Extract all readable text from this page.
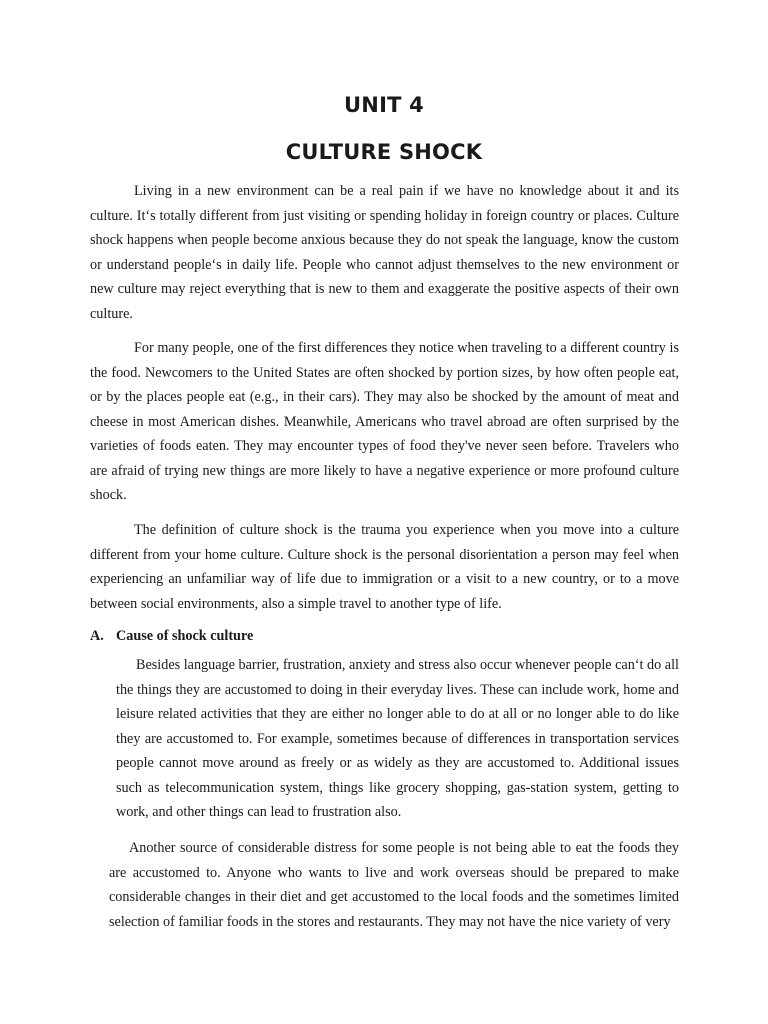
UNIT 4
CULTURE SHOCK

Living in a new environment can be a real pain if we have no knowledge about it and its culture. It‘s totally different from just visiting or spending holiday in foreign country or places. Culture shock happens when people become anxious because they do not speak the language, know the custom or understand people‘s in daily life. People who cannot adjust themselves to the new environment or new culture may reject everything that is new to them and exaggerate the positive aspects of their own culture.

For many people, one of the first differences they notice when traveling to a different country is the food. Newcomers to the United States are often shocked by portion sizes, by how often people eat, or by the places people eat (e.g., in their cars). They may also be shocked by the amount of meat and cheese in most American dishes. Meanwhile, Americans who travel abroad are often surprised by the varieties of foods eaten. They may encounter types of food they've never seen before. Travelers who are afraid of trying new things are more likely to have a negative experience or more profound culture shock.

The definition of culture shock is the trauma you experience when you move into a culture different from your home culture. Culture shock is the personal disorientation a person may feel when experiencing an unfamiliar way of life due to immigration or a visit to a new country, or to a move between social environments, also a simple travel to another type of life.

A. Cause of shock culture

Besides language barrier, frustration, anxiety and stress also occur whenever people can‘t do all the things they are accustomed to doing in their everyday lives. These can include work, home and leisure related activities that they are either no longer able to do at all or no longer able to do like they are accustomed to. For example, sometimes because of differences in transportation services people cannot move around as freely or as widely as they are accustomed to. Additional issues such as telecommunication system, things like grocery shopping, gas-station system, getting to work, and other things can lead to frustration also.

Another source of considerable distress for some people is not being able to eat the foods they are accustomed to. Anyone who wants to live and work overseas should be prepared to make considerable changes in their diet and get accustomed to the local foods and the sometimes limited selection of familiar foods in the stores and restaurants. They may not have the nice variety of very
